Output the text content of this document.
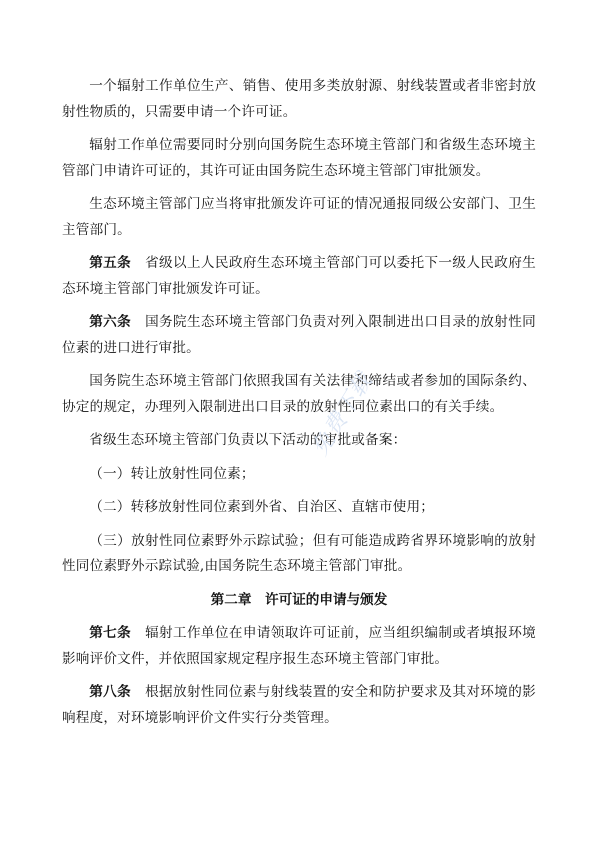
一个辐射工作单位生产、销售、使用多类放射源、射线装置或者非密封放射性物质的，只需要申请一个许可证。

辐射工作单位需要同时分别向国务院生态环境主管部门和省级生态环境主管部门申请许可证的，其许可证由国务院生态环境主管部门审批颁发。

生态环境主管部门应当将审批颁发许可证的情况通报同级公安部门、卫生主管部门。

第五条　 省级以上人民政府生态环境主管部门可以委托下一级人民政府生态环境主管部门审批颁发许可证。

第六条　 国务院生态环境主管部门负责对列入限制进出口目录的放射性同位素的进口进行审批。

国务院生态环境主管部门依照我国有关法律和缔结或者参加的国际条约、协定的规定，办理列入限制进出口目录的放射性同位素出口的有关手续。

省级生态环境主管部门负责以下活动的审批或备案：

（一）转让放射性同位素；

（二）转移放射性同位素到外省、自治区、直辖市使用；

（三）放射性同位素野外示踪试验；但有可能造成跨省界环境影响的放射性同位素野外示踪试验,由国务院生态环境主管部门审批。

第二章　许可证的申请与颁发

第七条　 辐射工作单位在申请领取许可证前，应当组织编制或者填报环境影响评价文件，并依照国家规定程序报生态环境主管部门审批。

第八条　 根据放射性同位素与射线装置的安全和防护要求及其对环境的影响程度，对环境影响评价文件实行分类管理。

免费下载
